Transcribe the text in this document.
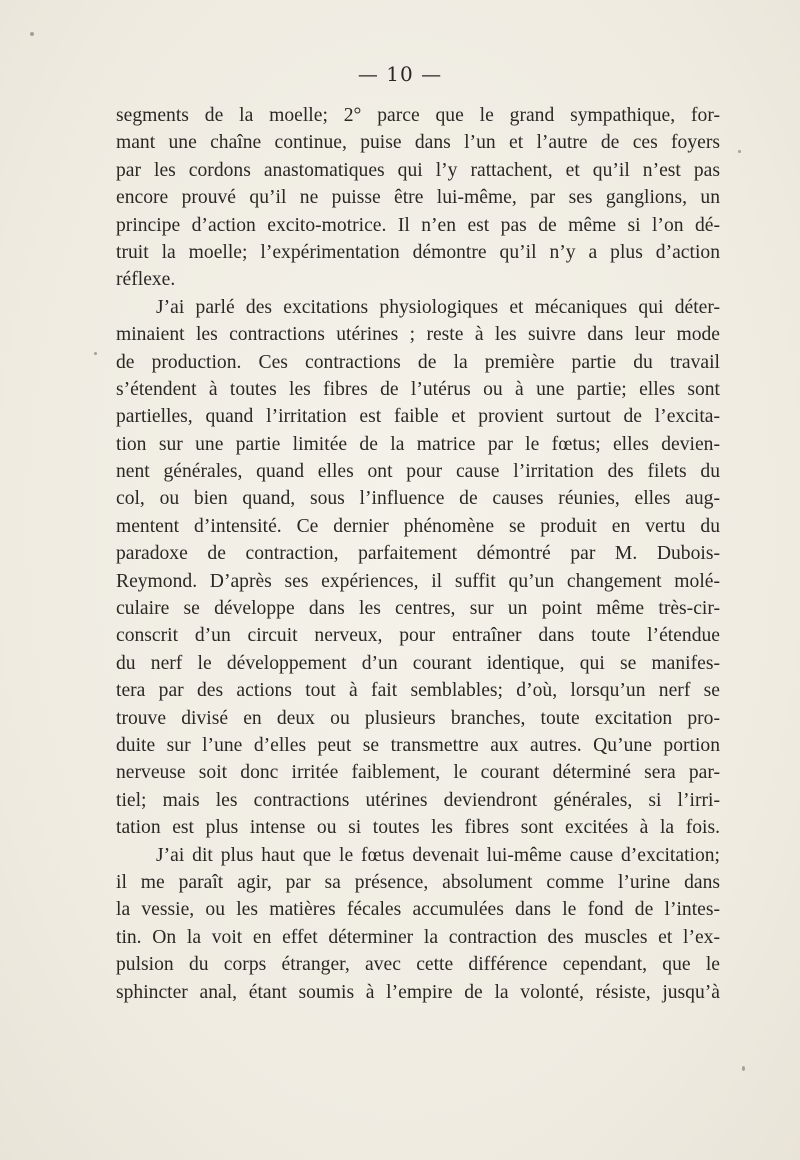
— 10 —
segments de la moelle; 2° parce que le grand sympathique, for-
mant une chaîne continue, puise dans l’un et l’autre de ces foyers
par les cordons anastomatiques qui l’y rattachent, et qu’il n’est pas
encore prouvé qu’il ne puisse être lui-même, par ses ganglions, un
principe d’action excito-motrice. Il n’en est pas de même si l’on dé-
truit la moelle; l’expérimentation démontre qu’il n’y a plus d’action
réflexe.
J’ai parlé des excitations physiologiques et mécaniques qui déter-
minaient les contractions utérines ; reste à les suivre dans leur mode
de production. Ces contractions de la première partie du travail
s’étendent à toutes les fibres de l’utérus ou à une partie; elles sont
partielles, quand l’irritation est faible et provient surtout de l’excita-
tion sur une partie limitée de la matrice par le fœtus; elles devien-
nent générales, quand elles ont pour cause l’irritation des filets du
col, ou bien quand, sous l’influence de causes réunies, elles aug-
mentent d’intensité. Ce dernier phénomène se produit en vertu du
paradoxe de contraction, parfaitement démontré par M. Dubois-
Reymond. D’après ses expériences, il suffit qu’un changement molé-
culaire se développe dans les centres, sur un point même très-cir-
conscrit d’un circuit nerveux, pour entraîner dans toute l’étendue
du nerf le développement d’un courant identique, qui se manifes-
tera par des actions tout à fait semblables; d’où, lorsqu’un nerf se
trouve divisé en deux ou plusieurs branches, toute excitation pro-
duite sur l’une d’elles peut se transmettre aux autres. Qu’une portion
nerveuse soit donc irritée faiblement, le courant déterminé sera par-
tiel; mais les contractions utérines deviendront générales, si l’irri-
tation est plus intense ou si toutes les fibres sont excitées à la fois.
J’ai dit plus haut que le fœtus devenait lui-même cause d’excitation;
il me paraît agir, par sa présence, absolument comme l’urine dans
la vessie, ou les matières fécales accumulées dans le fond de l’intes-
tin. On la voit en effet déterminer la contraction des muscles et l’ex-
pulsion du corps étranger, avec cette différence cependant, que le
sphincter anal, étant soumis à l’empire de la volonté, résiste, jusqu’à
